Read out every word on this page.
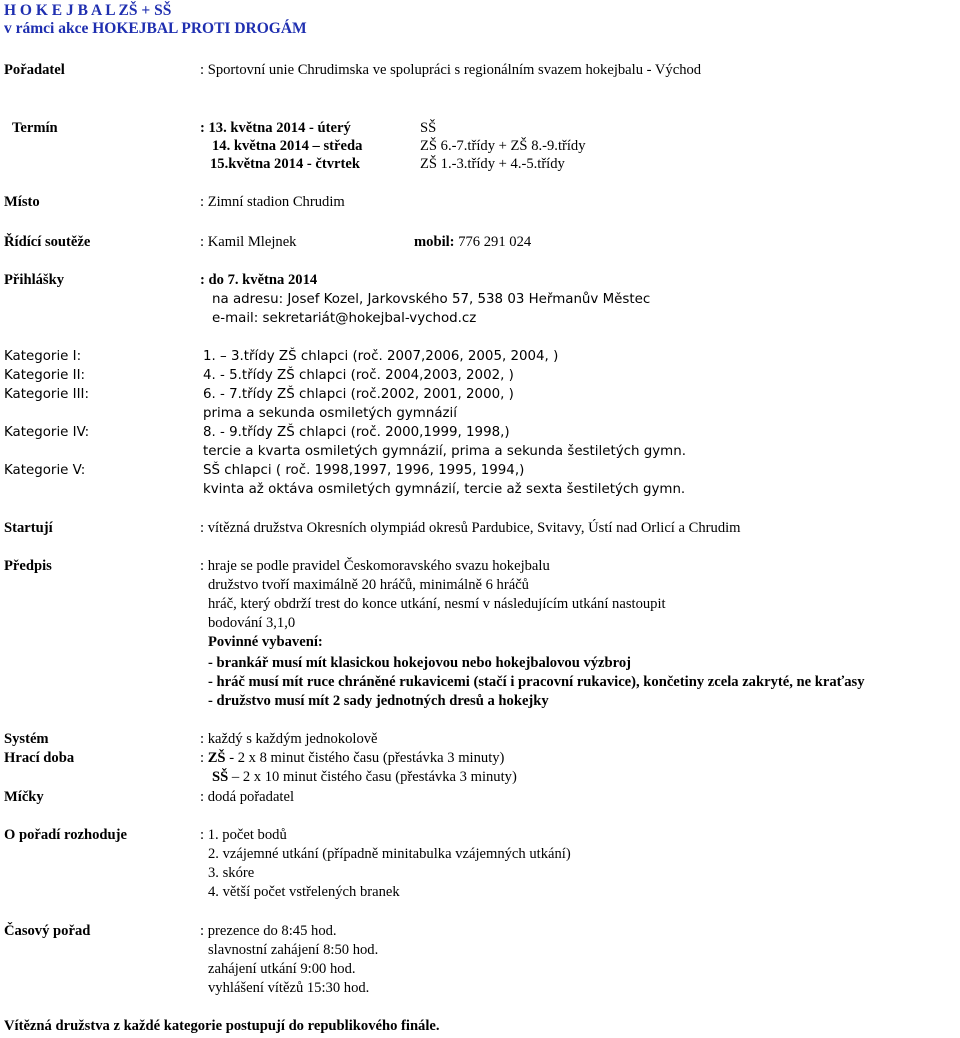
H O K E J B A L ZŠ + SŠ
v rámci akce HOKEJBAL PROTI DROGÁM
Pořadatel	: Sportovní unie Chrudimska ve spolupráci s regionálním svazem hokejbalu - Východ
Termín	: 13. května 2014 - úterý	SŠ
14. května 2014 – středa	ZŠ 6.-7.třídy + ZŠ 8.-9.třídy
15.května 2014 - čtvrtek	ZŠ 1.-3.třídy + 4.-5.třídy
Místo	: Zimní stadion Chrudim
Řídící soutěže	: Kamil Mlejnek	mobil: 776 291 024
Přihlášky	: do 7. května 2014
na adresu: Josef Kozel, Jarkovského 57, 538 03 Heřmanův Městec
e-mail: sekretariát@hokejbal-vychod.cz
Kategorie I:	1. – 3.třídy ZŠ chlapci (roč. 2007,2006, 2005, 2004, )
Kategorie II:	4. - 5.třídy ZŠ chlapci (roč. 2004,2003, 2002, )
Kategorie III:	6. - 7.třídy ZŠ chlapci (roč.2002, 2001, 2000, )
prima a sekunda osmiletých gymnázií
Kategorie IV:	8. - 9.třídy ZŠ chlapci (roč. 2000,1999, 1998,)
tercie a kvarta osmiletých gymnázií, prima a sekunda šestiletých gymn.
Kategorie V:	SŠ chlapci ( roč. 1998,1997, 1996, 1995, 1994,)
kvinta až oktáva osmiletých gymnázií, tercie až sexta šestiletých gymn.
Startují	: vítězná družstva Okresních olympiád okresů Pardubice, Svitavy, Ústí nad Orlicí a Chrudim
Předpis	: hraje se podle pravidel Českomoravského svazu hokejbalu
družstvo tvoří maximálně 20 hráčů, minimálně 6 hráčů
hráč, který obdrží trest do konce utkání, nesmí v následujícím utkání nastoupit
bodování 3,1,0
Povinné vybavení:
- brankář musí mít klasickou hokejovou nebo hokejbalovou výzbroj
- hráč musí mít ruce chráněné rukavicemi (stačí i pracovní rukavice), končetiny zcela zakryté, ne kraťasy
- družstvo musí mít 2 sady jednotných dresů a hokejky
Systém	: každý s každým jednokolově
Hrací doba	: ZŠ - 2 x 8 minut čistého času (přestávka 3 minuty)
SŠ – 2 x 10 minut čistého času (přestávka 3 minuty)
Míčky	: dodá pořadatel
O pořadí rozhoduje	: 1. počet bodů
2. vzájemné utkání (případně minitabulka vzájemných utkání)
3. skóre
4. větší počet vstřelených branek
Časový pořad	: prezence do 8:45 hod.
slavnostní zahájení 8:50 hod.
zahájení utkání 9:00 hod.
vyhlášení vítězů 15:30 hod.
Vítězná družstva z každé kategorie postupují do republikového finále.
